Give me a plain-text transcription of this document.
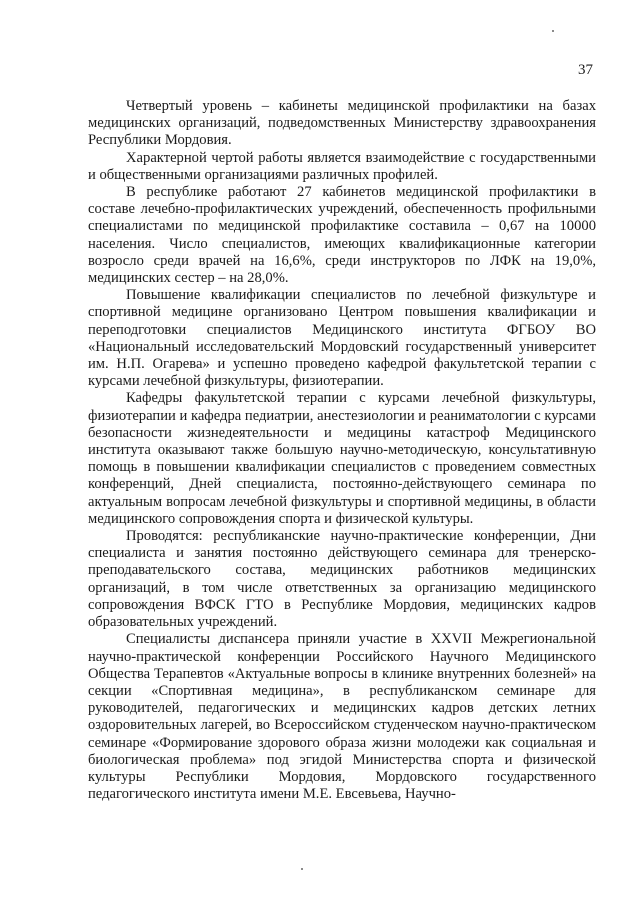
37

Четвертый уровень – кабинеты медицинской профилактики на базах медицинских организаций, подведомственных Министерству здравоохранения Республики Мордовия.

Характерной чертой работы является взаимодействие с государственными и общественными организациями различных профилей.

В республике работают 27 кабинетов медицинской профилактики в составе лечебно-профилактических учреждений, обеспеченность профильными специалистами по медицинской профилактике составила – 0,67 на 10000 населения. Число специалистов, имеющих квалификационные категории возросло среди врачей на 16,6%, среди инструкторов по ЛФК на 19,0%, медицинских сестер – на 28,0%.

Повышение квалификации специалистов по лечебной физкультуре и спортивной медицине организовано Центром повышения квалификации и переподготовки специалистов Медицинского института ФГБОУ ВО «Национальный исследовательский Мордовский государственный университет им. Н.П. Огарева» и успешно проведено кафедрой факультетской терапии с курсами лечебной физкультуры, физиотерапии.

Кафедры факультетской терапии с курсами лечебной физкультуры, физиотерапии и кафедра педиатрии, анестезиологии и реаниматологии с курсами безопасности жизнедеятельности и медицины катастроф Медицинского института оказывают также большую научно-методическую, консультативную помощь в повышении квалификации специалистов с проведением совместных конференций, Дней специалиста, постоянно-действующего семинара по актуальным вопросам лечебной физкультуры и спортивной медицины, в области медицинского сопровождения спорта и физической культуры.

Проводятся: республиканские научно-практические конференции, Дни специалиста и занятия постоянно действующего семинара для тренерско-преподавательского состава, медицинских работников медицинских организаций, в том числе ответственных за организацию медицинского сопровождения ВФСК ГТО в Республике Мордовия, медицинских кадров образовательных учреждений.

Специалисты диспансера приняли участие в XXVII Межрегиональной научно-практической конференции Российского Научного Медицинского Общества Терапевтов «Актуальные вопросы в клинике внутренних болезней» на секции «Спортивная медицина», в республиканском семинаре для руководителей, педагогических и медицинских кадров детских летних оздоровительных лагерей, во Всероссийском студенческом научно-практическом семинаре «Формирование здорового образа жизни молодежи как социальная и биологическая проблема» под эгидой Министерства спорта и физической культуры Республики Мордовия, Мордовского государственного педагогического института имени М.Е. Евсевьева, Научно-
